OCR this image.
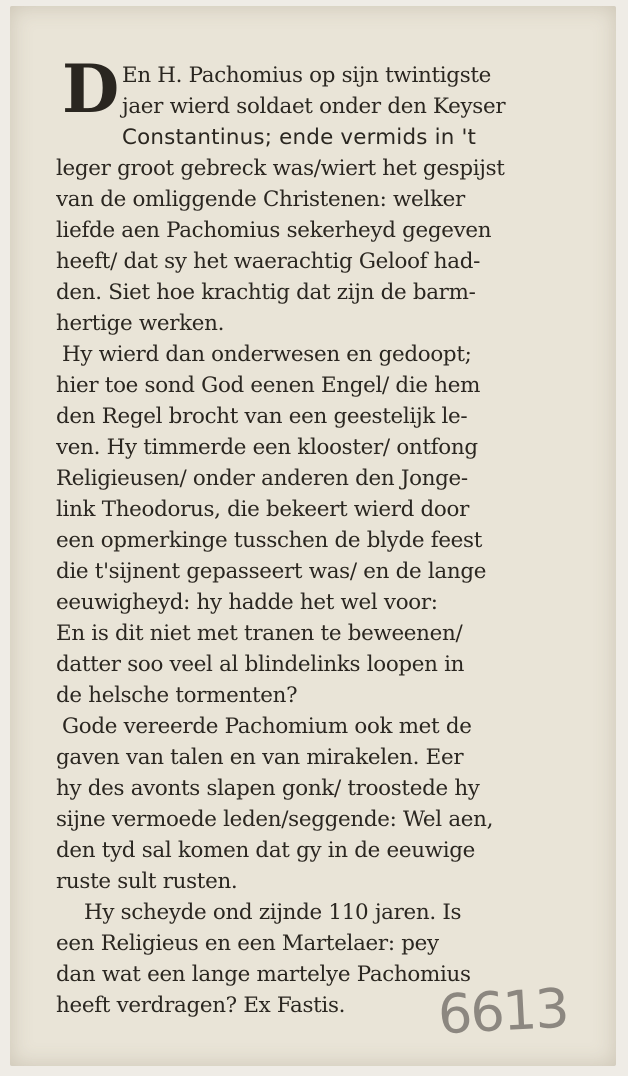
D En H. Pachomius op sijn twintigste
jaer wierd soldaet onder den Keyser
Constantinus; ende vermids in 't
leger groot gebreck was/wiert het gespijst
van de omliggende Christenen: welker
liefde aen Pachomius sekerheyd gegeven
heeft/ dat sy het waerachtig Geloof had-
den. Siet hoe krachtig dat zijn de barm-
hertige werken.
Hy wierd dan onderwesen en gedoopt;
hier toe sond God eenen Engel/ die hem
den Regel brocht van een geestelijk le-
ven. Hy timmerde een klooster/ ontfong
Religieusen/ onder anderen den Jonge-
link Theodorus, die bekeert wierd door
een opmerkinge tusschen de blyde feest
die t'sijnent gepasseert was/ en de lange
eeuwigheyd: hy hadde het wel voor:
En is dit niet met tranen te beweenen/
datter soo veel al blindelinks loopen in
de helsche tormenten?
Gode vereerde Pachomium ook met de
gaven van talen en van mirakelen. Eer
hy des avonts slapen gonk/ troostede hy
sijne vermoede leden/seggende: Wel aen,
den tyd sal komen dat gy in de eeuwige
ruste sult rusten.
Hy scheyde ond zijnde 110 jaren. Is
een Religieus en een Martelaer: pey
dan wat een lange martelye Pachomius
heeft verdragen? Ex Fastis.	6613
